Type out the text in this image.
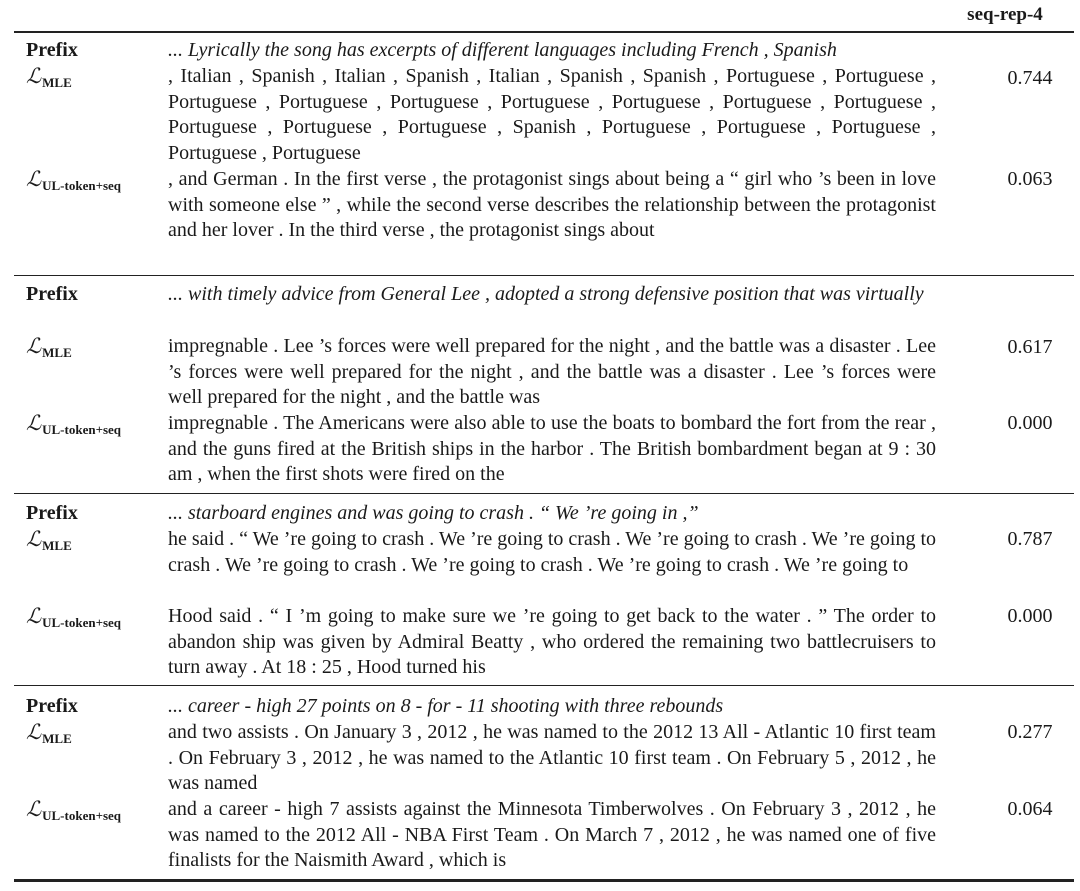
seq-rep-4
Prefix	... Lyrically the song has excerpts of different languages including French , Spanish
ℒ$_{MLE}$	, Italian , Spanish , Italian , Spanish , Italian , Spanish , Spanish , Portuguese , Portuguese , Portuguese , Portuguese , Portuguese , Portuguese , Portuguese , Portuguese , Portuguese , Portuguese , Portuguese , Portuguese , Spanish , Portuguese , Portuguese , Portuguese , Portuguese , Portuguese
0.744
ℒ$_{UL-token+seq}$ , and German . In the first verse , the protagonist sings about being a “ girl who ’s been in love with someone else ” , while the second verse describes the relationship between the protagonist and her lover . In the third verse , the protagonist sings about
0.063
Prefix	... with timely advice from General Lee , adopted a strong defensive position that was virtually
ℒ$_{MLE}$	impregnable . Lee ’s forces were well prepared for the night , and the battle was a disaster . Lee ’s forces were well prepared for the night , and the battle was a disaster . Lee ’s forces were well prepared for the night , and the battle was
0.617
ℒ$_{UL-token+seq}$ impregnable . The Americans were also able to use the boats to bombard the fort from the rear , and the guns fired at the British ships in the harbor . The British bombardment began at 9 : 30 am , when the first shots were fired on the
0.000
Prefix	... starboard engines and was going to crash . “ We ’re going in ,”
ℒ$_{MLE}$	he said . “ We ’re going to crash . We ’re going to crash . We ’re going to crash . We ’re going to crash . We ’re going to crash . We ’re going to crash . We ’re going to crash . We ’re going to
0.787
ℒ$_{UL-token+seq}$ Hood said . “ I ’m going to make sure we ’re going to get back to the water . ” The order to abandon ship was given by Admiral Beatty , who ordered the remaining two battlecruisers to turn away . At 18 : 25 , Hood turned his
0.000
Prefix	... career - high 27 points on 8 - for - 11 shooting with three rebounds
ℒ$_{MLE}$	and two assists . On January 3 , 2012 , he was named to the 2012 13 All - Atlantic 10 first team . On February 3 , 2012 , he was named to the Atlantic 10 first team . On February 5 , 2012 , he was named
0.277
ℒ$_{UL-token+seq}$ and a career - high 7 assists against the Minnesota Timberwolves . On February 3 , 2012 , he was named to the 2012 All - NBA First Team . On March 7 , 2012 , he was named one of five finalists for the Naismith Award , which is
0.064
